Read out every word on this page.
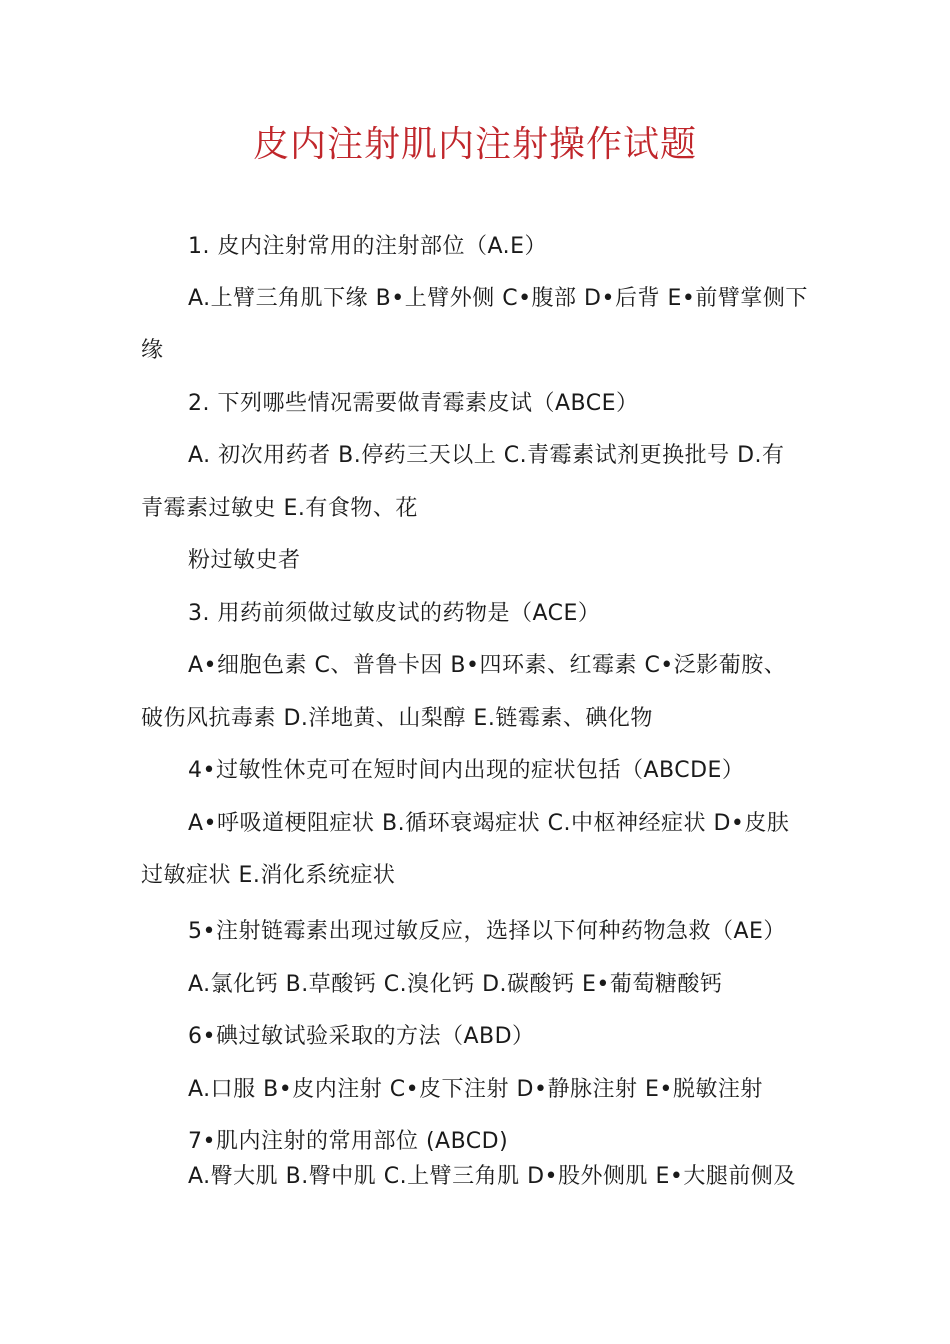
皮内注射肌内注射操作试题
1. 皮内注射常用的注射部位（A.E）
A.上臂三角肌下缘 B•上臂外侧 C•腹部 D•后背 E•前臂掌侧下
缘
2. 下列哪些情况需要做青霉素皮试（ABCE）
A. 初次用药者 B.停药三天以上 C.青霉素试剂更换批号 D.有
青霉素过敏史 E.有食物、花
粉过敏史者
3. 用药前须做过敏皮试的药物是（ACE）
A•细胞色素 C、普鲁卡因 B•四环素、红霉素 C•泛影葡胺、
破伤风抗毒素 D.洋地黄、山梨醇 E.链霉素、碘化物
4•过敏性休克可在短时间内出现的症状包括（ABCDE）
A•呼吸道梗阻症状 B.循环衰竭症状 C.中枢神经症状 D•皮肤
过敏症状 E.消化系统症状
5•注射链霉素出现过敏反应，选择以下何种药物急救（AE）
A.氯化钙 B.草酸钙 C.溴化钙 D.碳酸钙 E•葡萄糖酸钙
6•碘过敏试验采取的方法（ABD）
A.口服 B•皮内注射 C•皮下注射 D•静脉注射 E•脱敏注射
7•肌内注射的常用部位 (ABCD)
A.臀大肌 B.臀中肌 C.上臂三角肌 D•股外侧肌 E•大腿前侧及
